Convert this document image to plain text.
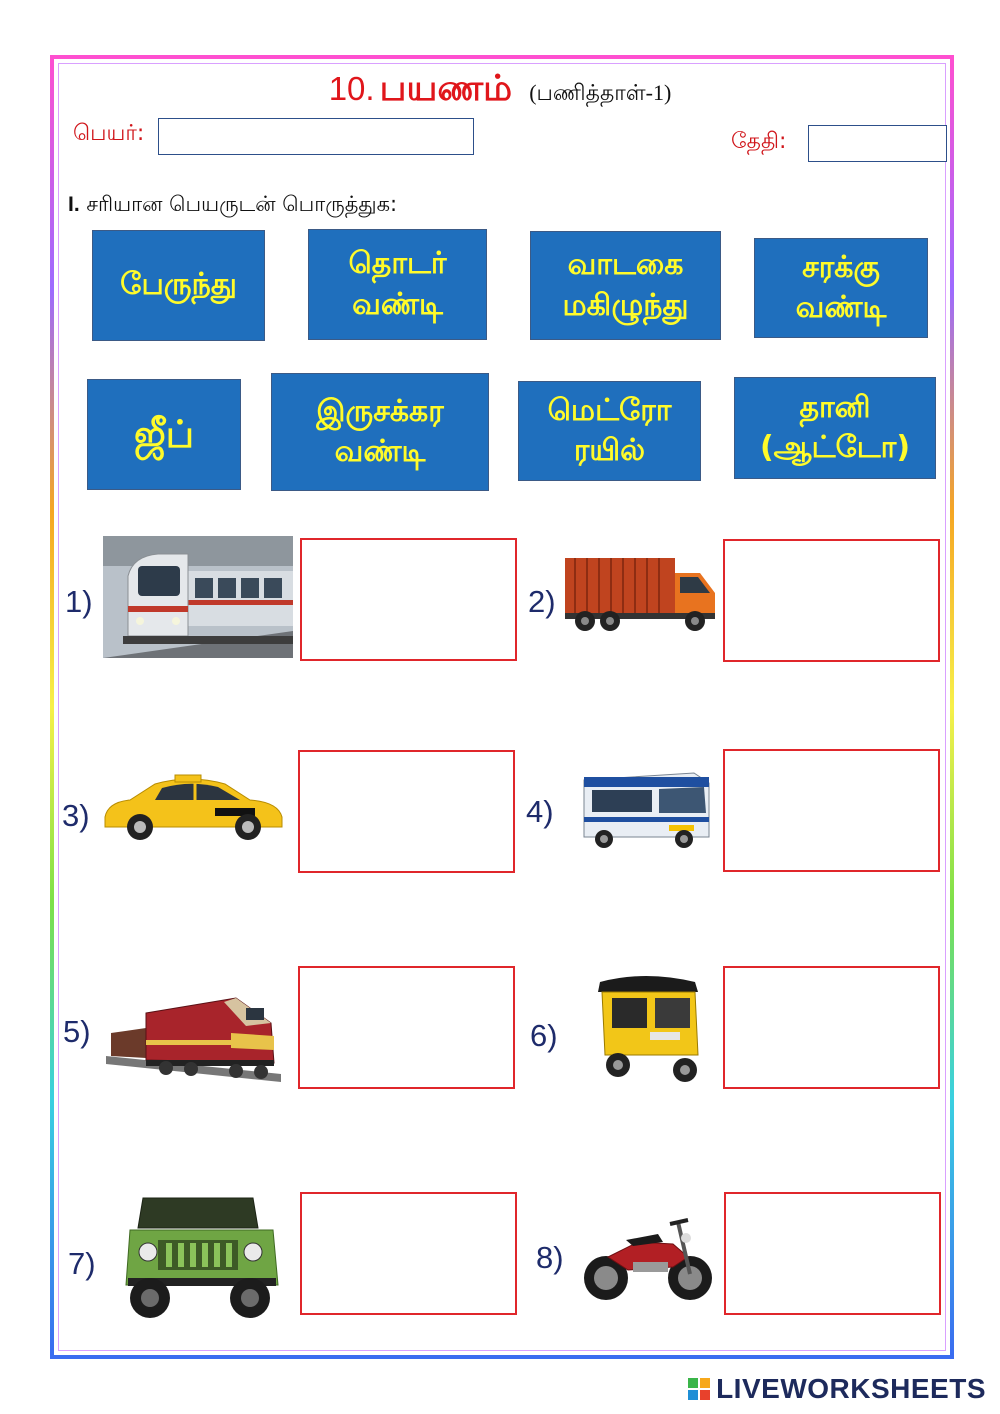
10. பயணம் (பணித்தாள்-1)
பெயர்:	தேதி:
I. சரியான பெயருடன் பொருத்துக:
பேருந்து
தொடர்
வண்டி
வாடகை
மகிழுந்து
சரக்கு
வண்டி
ஜீப்
இருசக்கர
வண்டி
மெட்ரோ
ரயில்
தானி
(ஆட்டோ)
1)	2)
3)	4)
5)	6)
7)	8)
LIVEWORKSHEETS
